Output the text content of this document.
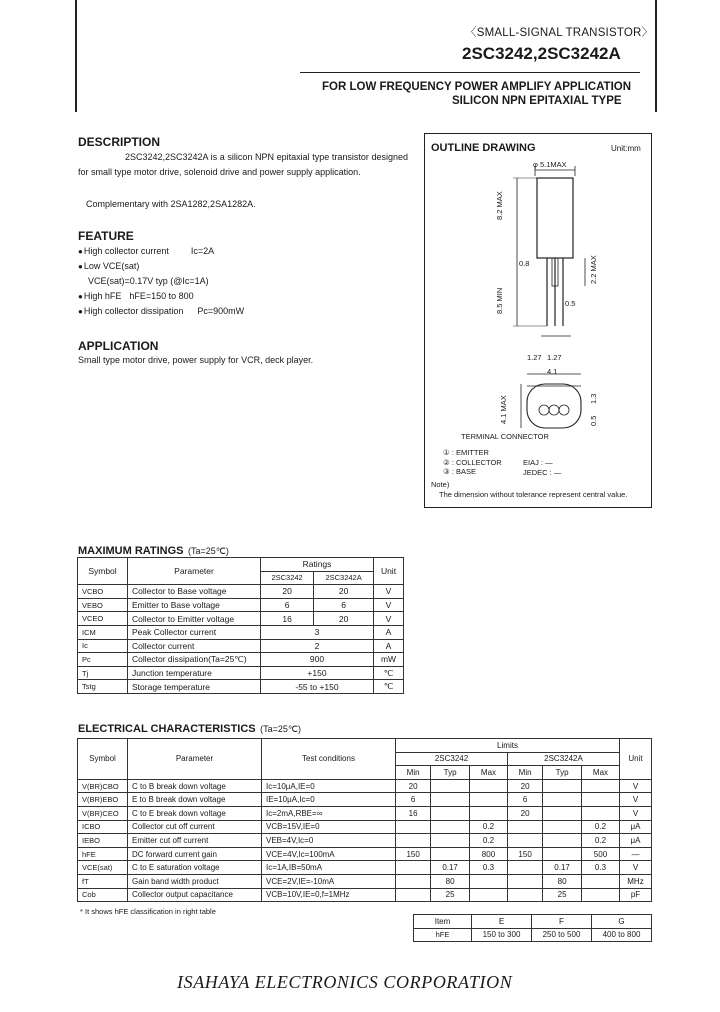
〈SMALL-SIGNAL TRANSISTOR〉
2SC3242,2SC3242A
FOR LOW FREQUENCY POWER AMPLIFY APPLICATION
SILICON NPN EPITAXIAL TYPE
DESCRIPTION
2SC3242,2SC3242A is a silicon NPN epitaxial type transistor designed for small type motor drive, solenoid drive and power supply application.
Complementary with 2SA1282,2SA1282A.
FEATURE
● High collector current Ic=2A
● Low VCE(sat)
VCE(sat)=0.17V typ (@Ic=1A)
● High hFE hFE=150 to 800
● High collector dissipation Pc=900mW
APPLICATION
Small type motor drive, power supply for VCR, deck player.
OUTLINE DRAWING	Unit:mm
φ 5.1MAX
8.2 MAX
0.8	2.2 MAX
8.5 MIN	0.5
1.27 1.27
4.1
4.1 MAX	1.3
0.5
TERMINAL CONNECTOR
① : EMITTER
② : COLLECTOR
③ : BASE
EIAJ : —
JEDEC : —
Note)
The dimension without tolerance represent central value.
MAXIMUM RATINGS (Ta=25℃)
Symbol	Parameter	Ratings		Unit
		2SC3242	2SC3242A	
VCBO	Collector to Base voltage	20	20	V
VEBO	Emitter to Base voltage	6	6	V
VCEO	Collector to Emitter voltage	16	20	V
ICM	Peak Collector current	3		A
Ic	Collector current	2		A
Pc	Collector dissipation(Ta=25℃)	900		mW
Tj	Junction temperature	+150		℃
Tstg	Storage temperature	-55 to +150		℃
ELECTRICAL CHARACTERISTICS (Ta=25℃)
Symbol	Parameter	Test conditions	Limits						Unit
			2SC3242			2SC3242A			
			Min	Typ	Max	Min	Typ	Max	
V(BR)CBO	C to B break down voltage	Ic=10μA,IE=0	20			20			V
V(BR)EBO	E to B break down voltage	IE=10μA,Ic=0	6			6			V
V(BR)CEO	C to E break down voltage	Ic=2mA,RBE=∞	16			20			V
ICBO	Collector cut off current	VCB=15V,IE=0			0.2			0.2	μA
IEBO	Emitter cut off current	VEB=4V,Ic=0			0.2			0.2	μA
hFE	DC forward current gain	VCE=4V,Ic=100mA	150		800	150		500	—
VCE(sat)	C to E saturation voltage	Ic=1A,IB=50mA		0.17	0.3		0.17	0.3	V
fT	Gain band width product	VCE=2V,IE=-10mA		80			80		MHz
Cob	Collector output capacitance	VCB=10V,IE=0,f=1MHz		25			25		pF
* It shows hFE classification in right table
Item	E	F	G
hFE	150 to 300	250 to 500	400 to 800
ISAHAYA ELECTRONICS CORPORATION
